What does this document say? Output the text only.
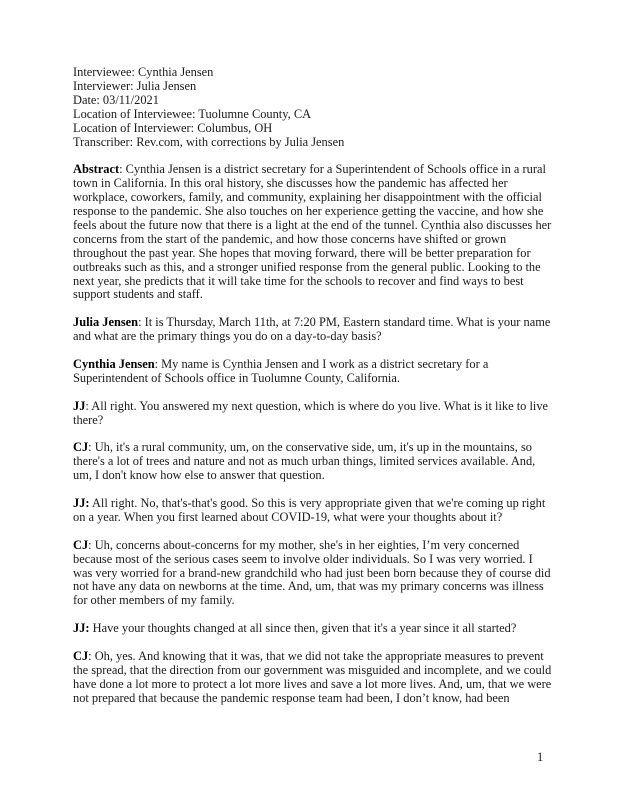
Interviewee: Cynthia Jensen
Interviewer: Julia Jensen
Date: 03/11/2021
Location of Interviewee: Tuolumne County, CA
Location of Interviewer: Columbus, OH
Transcriber: Rev.com, with corrections by Julia Jensen

Abstract: Cynthia Jensen is a district secretary for a Superintendent of Schools office in a rural town in California. In this oral history, she discusses how the pandemic has affected her workplace, coworkers, family, and community, explaining her disappointment with the official response to the pandemic. She also touches on her experience getting the vaccine, and how she feels about the future now that there is a light at the end of the tunnel. Cynthia also discusses her concerns from the start of the pandemic, and how those concerns have shifted or grown throughout the past year. She hopes that moving forward, there will be better preparation for outbreaks such as this, and a stronger unified response from the general public. Looking to the next year, she predicts that it will take time for the schools to recover and find ways to best support students and staff.

Julia Jensen: It is Thursday, March 11th, at 7:20 PM, Eastern standard time. What is your name and what are the primary things you do on a day-to-day basis?

Cynthia Jensen: My name is Cynthia Jensen and I work as a district secretary for a Superintendent of Schools office in Tuolumne County, California.

JJ: All right. You answered my next question, which is where do you live. What is it like to live there?

CJ: Uh, it's a rural community, um, on the conservative side, um, it's up in the mountains, so there's a lot of trees and nature and not as much urban things, limited services available. And, um, I don't know how else to answer that question.

JJ: All right. No, that's-that's good. So this is very appropriate given that we're coming up right on a year. When you first learned about COVID-19, what were your thoughts about it?

CJ: Uh, concerns about-concerns for my mother, she's in her eighties, I’m very concerned because most of the serious cases seem to involve older individuals. So I was very worried. I was very worried for a brand-new grandchild who had just been born because they of course did not have any data on newborns at the time. And, um, that was my primary concerns was illness for other members of my family.

JJ: Have your thoughts changed at all since then, given that it's a year since it all started?

CJ: Oh, yes. And knowing that it was, that we did not take the appropriate measures to prevent the spread, that the direction from our government was misguided and incomplete, and we could have done a lot more to protect a lot more lives and save a lot more lives. And, um, that we were not prepared that because the pandemic response team had been, I don’t know, had been

1
